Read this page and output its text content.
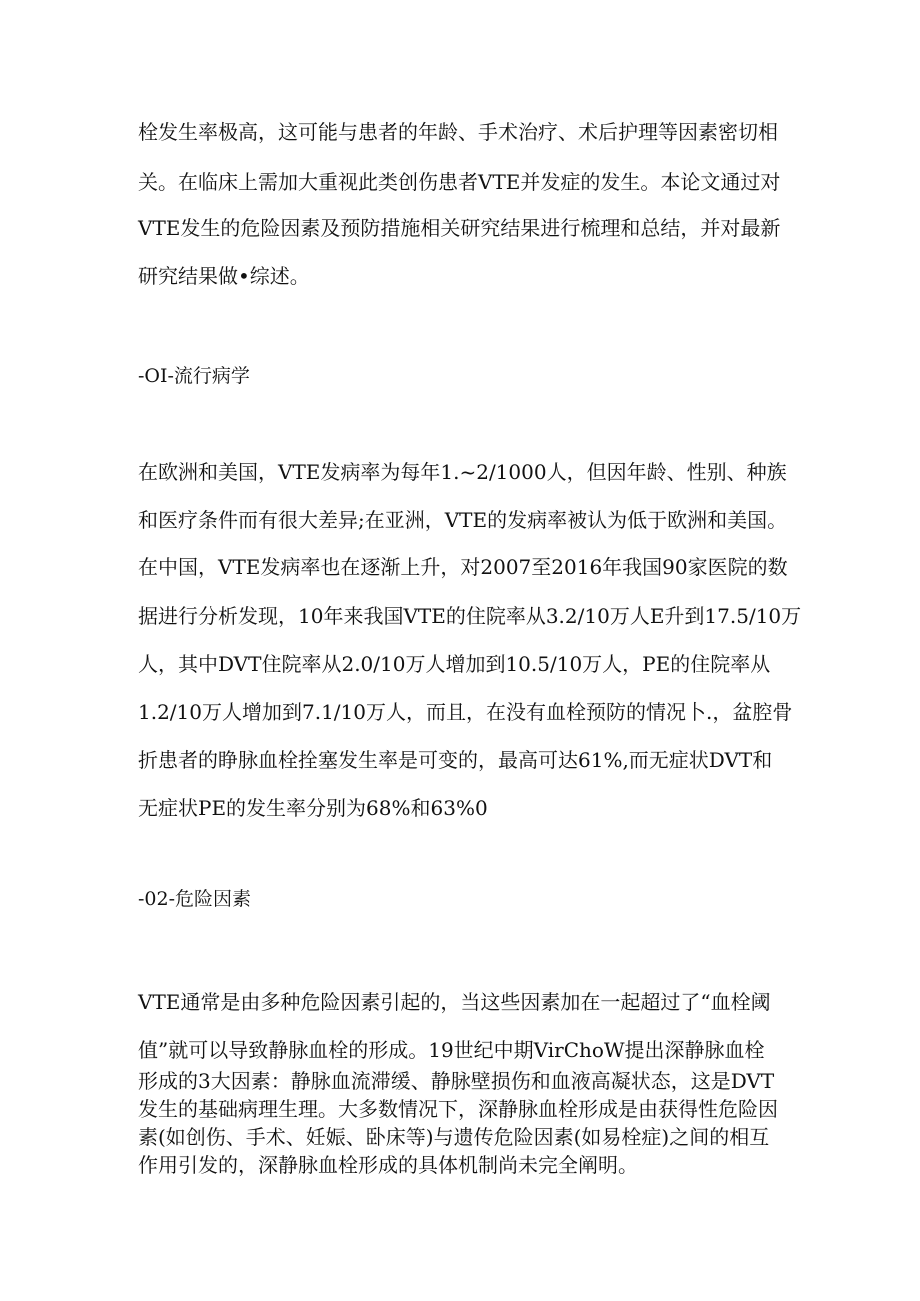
栓发生率极高，这可能与患者的年龄、手术治疗、术后护理等因素密切相
关。在临床上需加大重视此类创伤患者VTE并发症的发生。本论文通过对
VTE发生的危险因素及预防措施相关研究结果进行梳理和总结，并对最新
研究结果做•综述。
-OI-流行病学
在欧洲和美国，VTE发病率为每年1.~2/1000人，但因年龄、性别、种族
和医疗条件而有很大差异;在亚洲，VTE的发病率被认为低于欧洲和美国。
在中国，VTE发病率也在逐渐上升，对2007至2016年我国90家医院的数
据进行分析发现，10年来我国VTE的住院率从3.2/10万人E升到17.5/10万
人，其中DVT住院率从2.0/10万人增加到10.5/10万人，PE的住院率从
1.2/10万人增加到7.1/10万人，而且，在没有血栓预防的情况卜.，盆腔骨
折患者的睁脉血栓拴塞发生率是可变的，最高可达61%,而无症状DVT和
无症状PE的发生率分别为68%和63%0
-02-危险因素
VTE通常是由多种危险因素引起的，当这些因素加在一起超过了“血栓阈
值”就可以导致静脉血栓的形成。19世纪中期VirChoW提出深静脉血栓
形成的3大因素：静脉血流滞缓、静脉壁损伤和血液高凝状态，这是DVT
发生的基础病理生理。大多数情况下，深静脉血栓形成是由获得性危险因
素(如创伤、手术、妊娠、卧床等)与遗传危险因素(如易栓症)之间的相互
作用引发的，深静脉血栓形成的具体机制尚未完全阐明。
